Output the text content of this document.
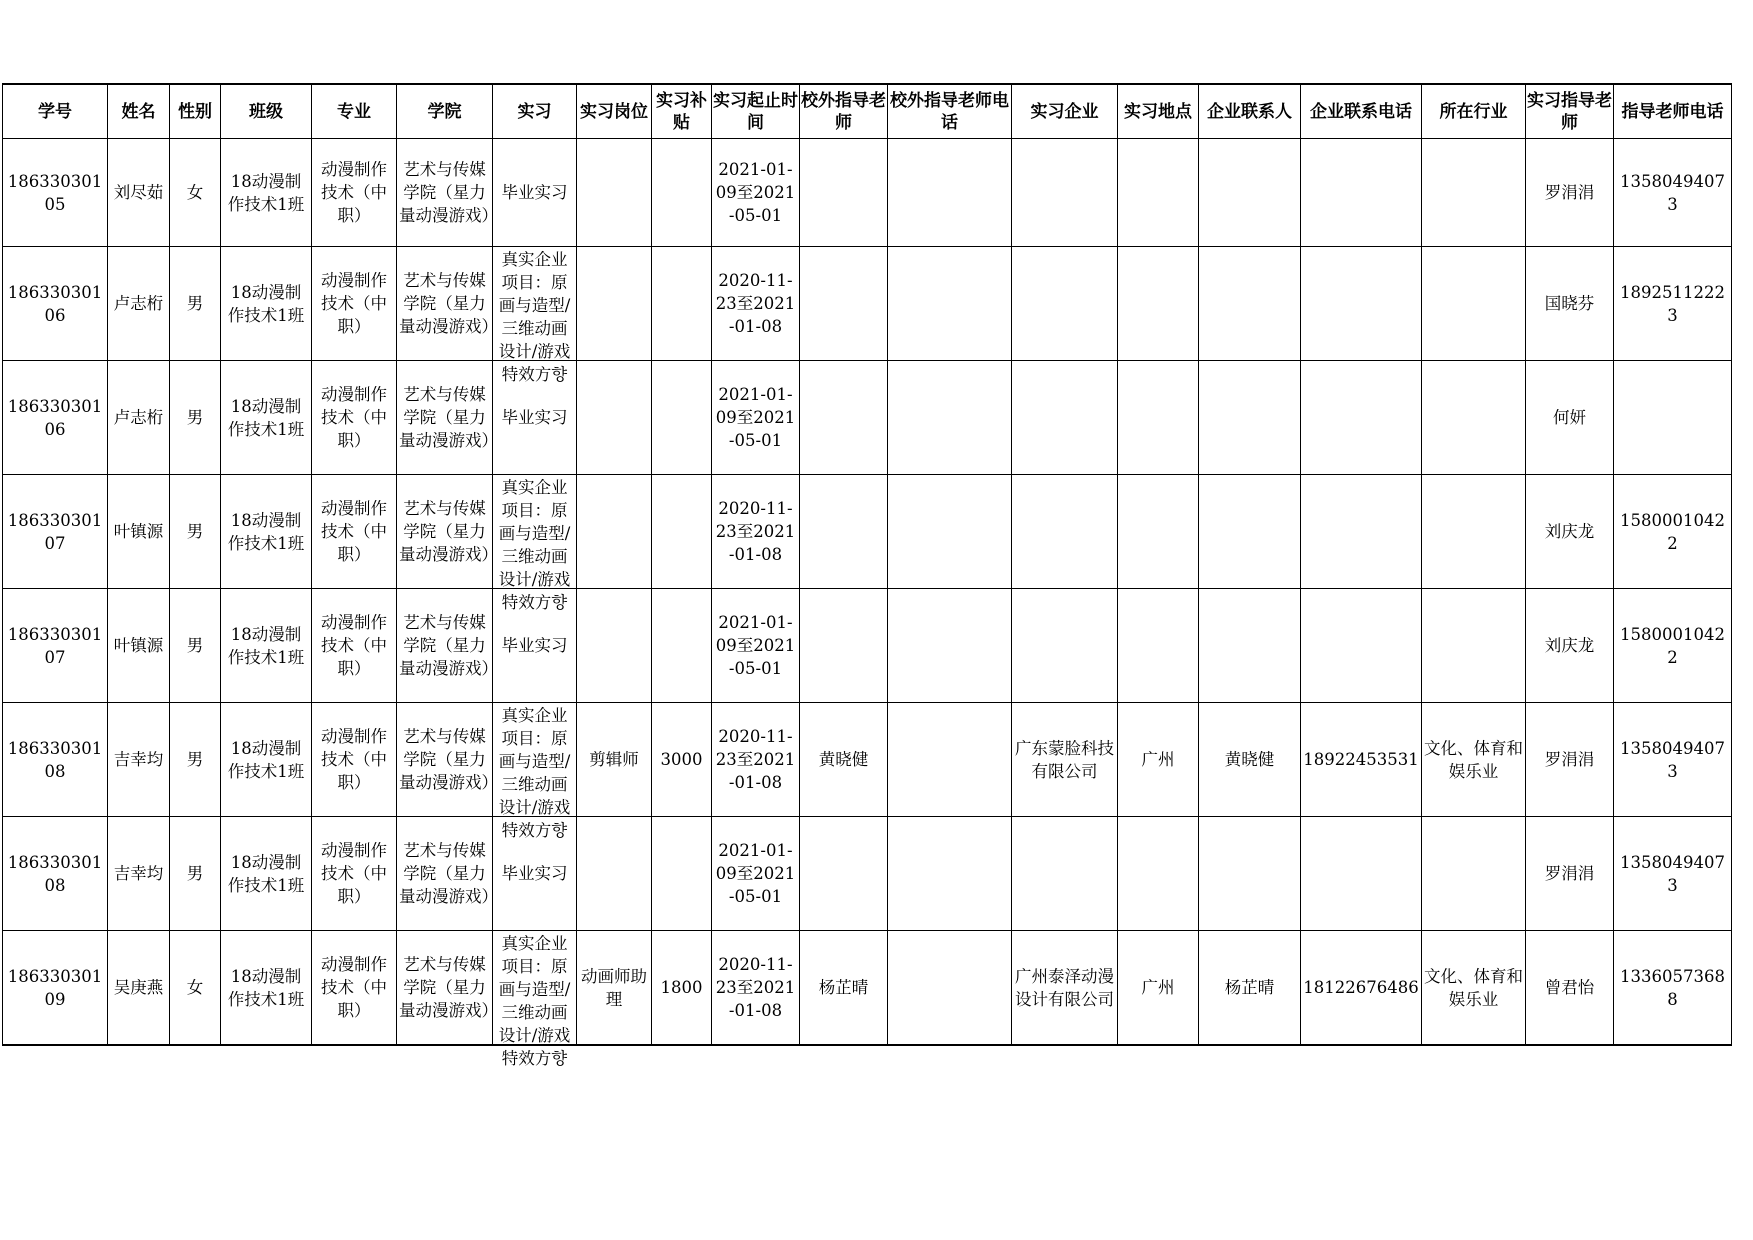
学号	姓名	性别	班级	专业	学院	实习	实习岗位	实习补贴	实习起止时间	校外指导老师	校外指导老师电话	实习企业	实习地点	企业联系人	企业联系电话	所在行业	实习指导老师	指导老师电话

18633030105	刘尽茹	女	18动漫制作技术1班	动漫制作技术（中职）	艺术与传媒学院（星力量动漫游戏）	毕业实习			2021-01-09至2021-05-01								罗涓涓	13580494073

18633030106	卢志桁	男	18动漫制作技术1班	动漫制作技术（中职）	艺术与传媒学院（星力量动漫游戏）	真实企业项目：原画与造型/三维动画设计/游戏特效方향			2020-11-23至2021-01-08								国晓芬	18925112223

18633030106	卢志桁	男	18动漫制作技术1班	动漫制作技术（中职）	艺术与传媒学院（星力量动漫游戏）	毕业实习			2021-01-09至2021-05-01								何妍	

18633030107	叶镇源	男	18动漫制作技术1班	动漫制作技术（中职）	艺术与传媒学院（星力量动漫游戏）	真实企业项目：原画与造型/三维动画设计/游戏特效方향			2020-11-23至2021-01-08								刘庆龙	15800010422

18633030107	叶镇源	男	18动漫制作技术1班	动漫制作技术（中职）	艺术与传媒学院（星力量动漫游戏）	毕业实习			2021-01-09至2021-05-01								刘庆龙	15800010422

18633030108	吉幸均	男	18动漫制作技术1班	动漫制作技术（中职）	艺术与传媒学院（星力量动漫游戏）	真实企业项目：原画与造型/三维动画设计/游戏特效方향	剪辑师	3000	2020-11-23至2021-01-08	黄晓健		广东蒙脸科技有限公司	广州	黄晓健	18922453531	文化、体育和娱乐业	罗涓涓	13580494073

18633030108	吉幸均	男	18动漫制作技术1班	动漫制作技术（中职）	艺术与传媒学院（星力量动漫游戏）	毕业实习			2021-01-09至2021-05-01								罗涓涓	13580494073

18633030109	吴庚燕	女	18动漫制作技术1班	动漫制作技术（中职）	艺术与传媒学院（星力量动漫游戏）	真实企业项目：原画与造型/三维动画设计/游戏特效方향	动画师助理	1800	2020-11-23至2021-01-08	杨芷晴		广州泰泽动漫设计有限公司	广州	杨芷晴	18122676486	文化、体育和娱乐业	曾君怡	13360573688
